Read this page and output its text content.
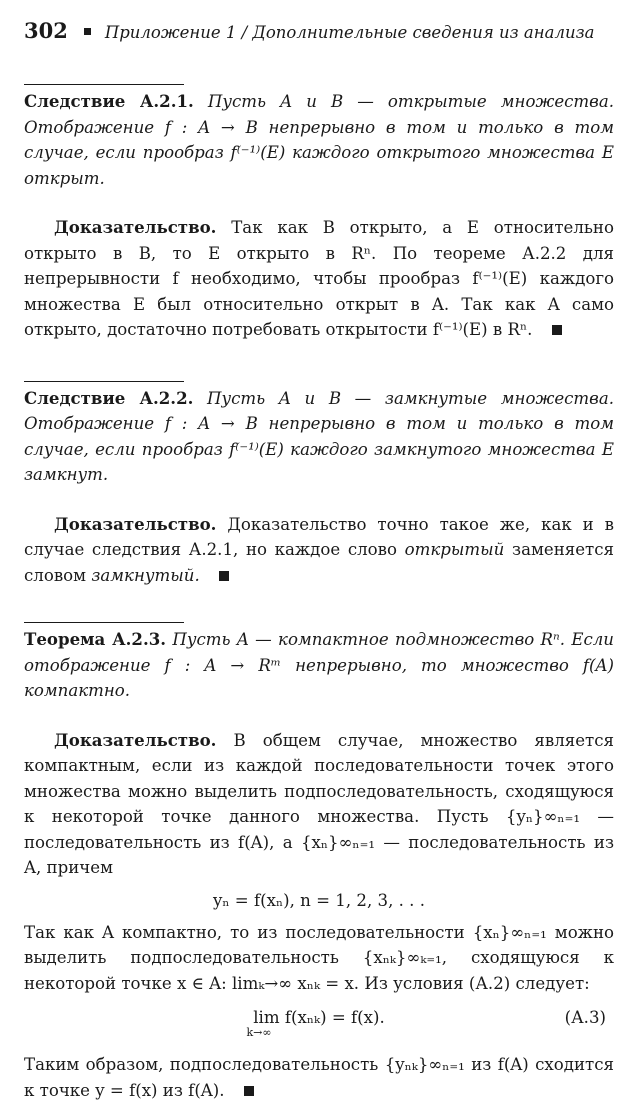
302 Приложение 1 / Дополнительные сведения из анализа
Следствие А.2.1. Пусть A и B — открытые множества. Отображение f : A → B непрерывно в том и только в том случае, если прообраз f⁽⁻¹⁾(E) каждого открытого множества E открыт.
Доказательство. Так как B открыто, а E относительно открыто в B, то E открыто в Rⁿ. По теореме А.2.2 для непрерывности f необходимо, чтобы прообраз f⁽⁻¹⁾(E) каждого множества E был относительно открыт в A. Так как A само открыто, достаточно потребовать открытости f⁽⁻¹⁾(E) в Rⁿ.
Следствие А.2.2. Пусть A и B — замкнутые множества. Отображение f : A → B непрерывно в том и только в том случае, если прообраз f⁽⁻¹⁾(E) каждого замкнутого множества E замкнут.
Доказательство. Доказательство точно такое же, как и в случае следствия А.2.1, но каждое слово открытый заменяется словом замкнутый.
Теорема А.2.3. Пусть A — компактное подмножество Rⁿ. Если отображение f : A → Rᵐ непрерывно, то множество f(A) компактно.
Доказательство. В общем случае, множество является компактным, если из каждой последовательности точек этого множества можно выделить подпоследовательность, сходящуюся к некоторой точке данного множества. Пусть {yₙ}∞ₙ₌₁ — последовательность из f(A), а {xₙ}∞ₙ₌₁ — последовательность из A, причем
yₙ = f(xₙ), n = 1, 2, 3, . . .
Так как A компактно, то из последовательности {xₙ}∞ₙ₌₁ можно выделить подпоследовательность {xₙₖ}∞ₖ₌₁, сходящуюся к некоторой точке x ∈ A: limₖ→∞ xₙₖ = x. Из условия (А.2) следует:
lim f(xₙₖ) = f(x).
k→∞
(А.3)
Таким образом, подпоследовательность {yₙₖ}∞ₙ₌₁ из f(A) сходится к точке y = f(x) из f(A).
